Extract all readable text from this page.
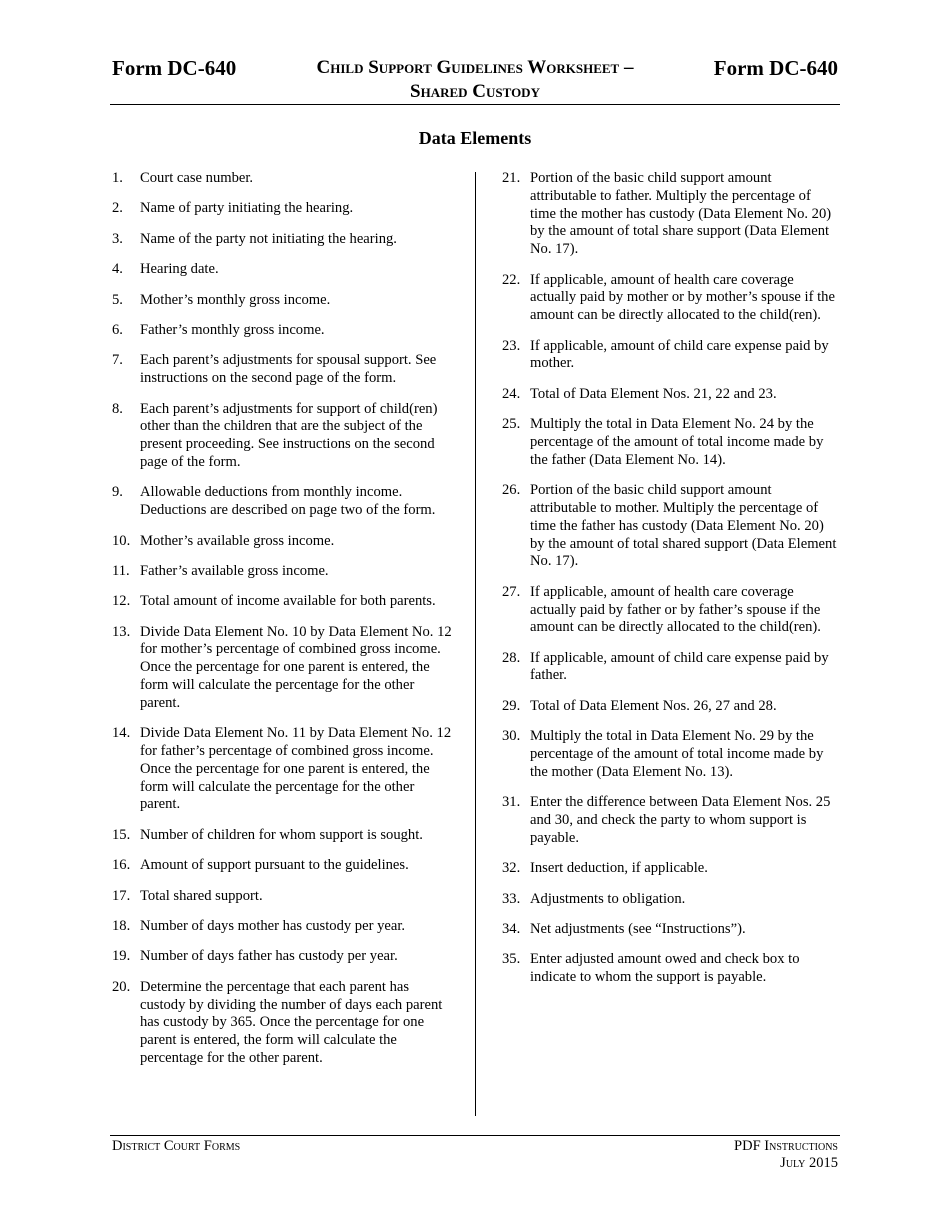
Form DC-640	Child Support Guidelines Worksheet –
Shared Custody
Form DC-640
Data Elements
1.	Court case number.
2.	Name of party initiating the hearing.
3.	Name of the party not initiating the hearing.
4.	Hearing date.
5.	Mother’s monthly gross income.
6.	Father’s monthly gross income.
7.	Each parent’s adjustments for spousal support. See instructions on the second page of the form.
8.	Each parent’s adjustments for support of child(ren) other than the children that are the subject of the present proceeding. See instructions on the second page of the form.
9.	Allowable deductions from monthly income. Deductions are described on page two of the form.
10. Mother’s available gross income.
11. Father’s available gross income.
12. Total amount of income available for both parents.
13. Divide Data Element No. 10 by Data Element No. 12 for mother’s percentage of combined gross income. Once the percentage for one parent is entered, the form will calculate the percentage for the other parent.
14. Divide Data Element No. 11 by Data Element No. 12 for father’s percentage of combined gross income. Once the percentage for one parent is entered, the form will calculate the percentage for the other parent.
15. Number of children for whom support is sought.
16. Amount of support pursuant to the guidelines.
17. Total shared support.
18. Number of days mother has custody per year.
19. Number of days father has custody per year.
20. Determine the percentage that each parent has custody by dividing the number of days each parent has custody by 365. Once the percentage for one parent is entered, the form will calculate the percentage for the other parent.
21. Portion of the basic child support amount attributable to father. Multiply the percentage of time the mother has custody (Data Element No. 20) by the amount of total share support (Data Element No. 17).
22. If applicable, amount of health care coverage actually paid by mother or by mother’s spouse if the amount can be directly allocated to the child(ren).
23. If applicable, amount of child care expense paid by mother.
24. Total of Data Element Nos. 21, 22 and 23.
25. Multiply the total in Data Element No. 24 by the percentage of the amount of total income made by the father (Data Element No. 14).
26. Portion of the basic child support amount attributable to mother. Multiply the percentage of time the father has custody (Data Element No. 20) by the amount of total shared support (Data Element No. 17).
27. If applicable, amount of health care coverage actually paid by father or by father’s spouse if the amount can be directly allocated to the child(ren).
28. If applicable, amount of child care expense paid by father.
29. Total of Data Element Nos. 26, 27 and 28.
30. Multiply the total in Data Element No. 29 by the percentage of the amount of total income made by the mother (Data Element No. 13).
31. Enter the difference between Data Element Nos. 25 and 30, and check the party to whom support is payable.
32. Insert deduction, if applicable.
33. Adjustments to obligation.
34. Net adjustments (see “Instructions”).
35. Enter adjusted amount owed and check box to indicate to whom the support is payable.
District Court Forms	PDF Instructions
July 2015
